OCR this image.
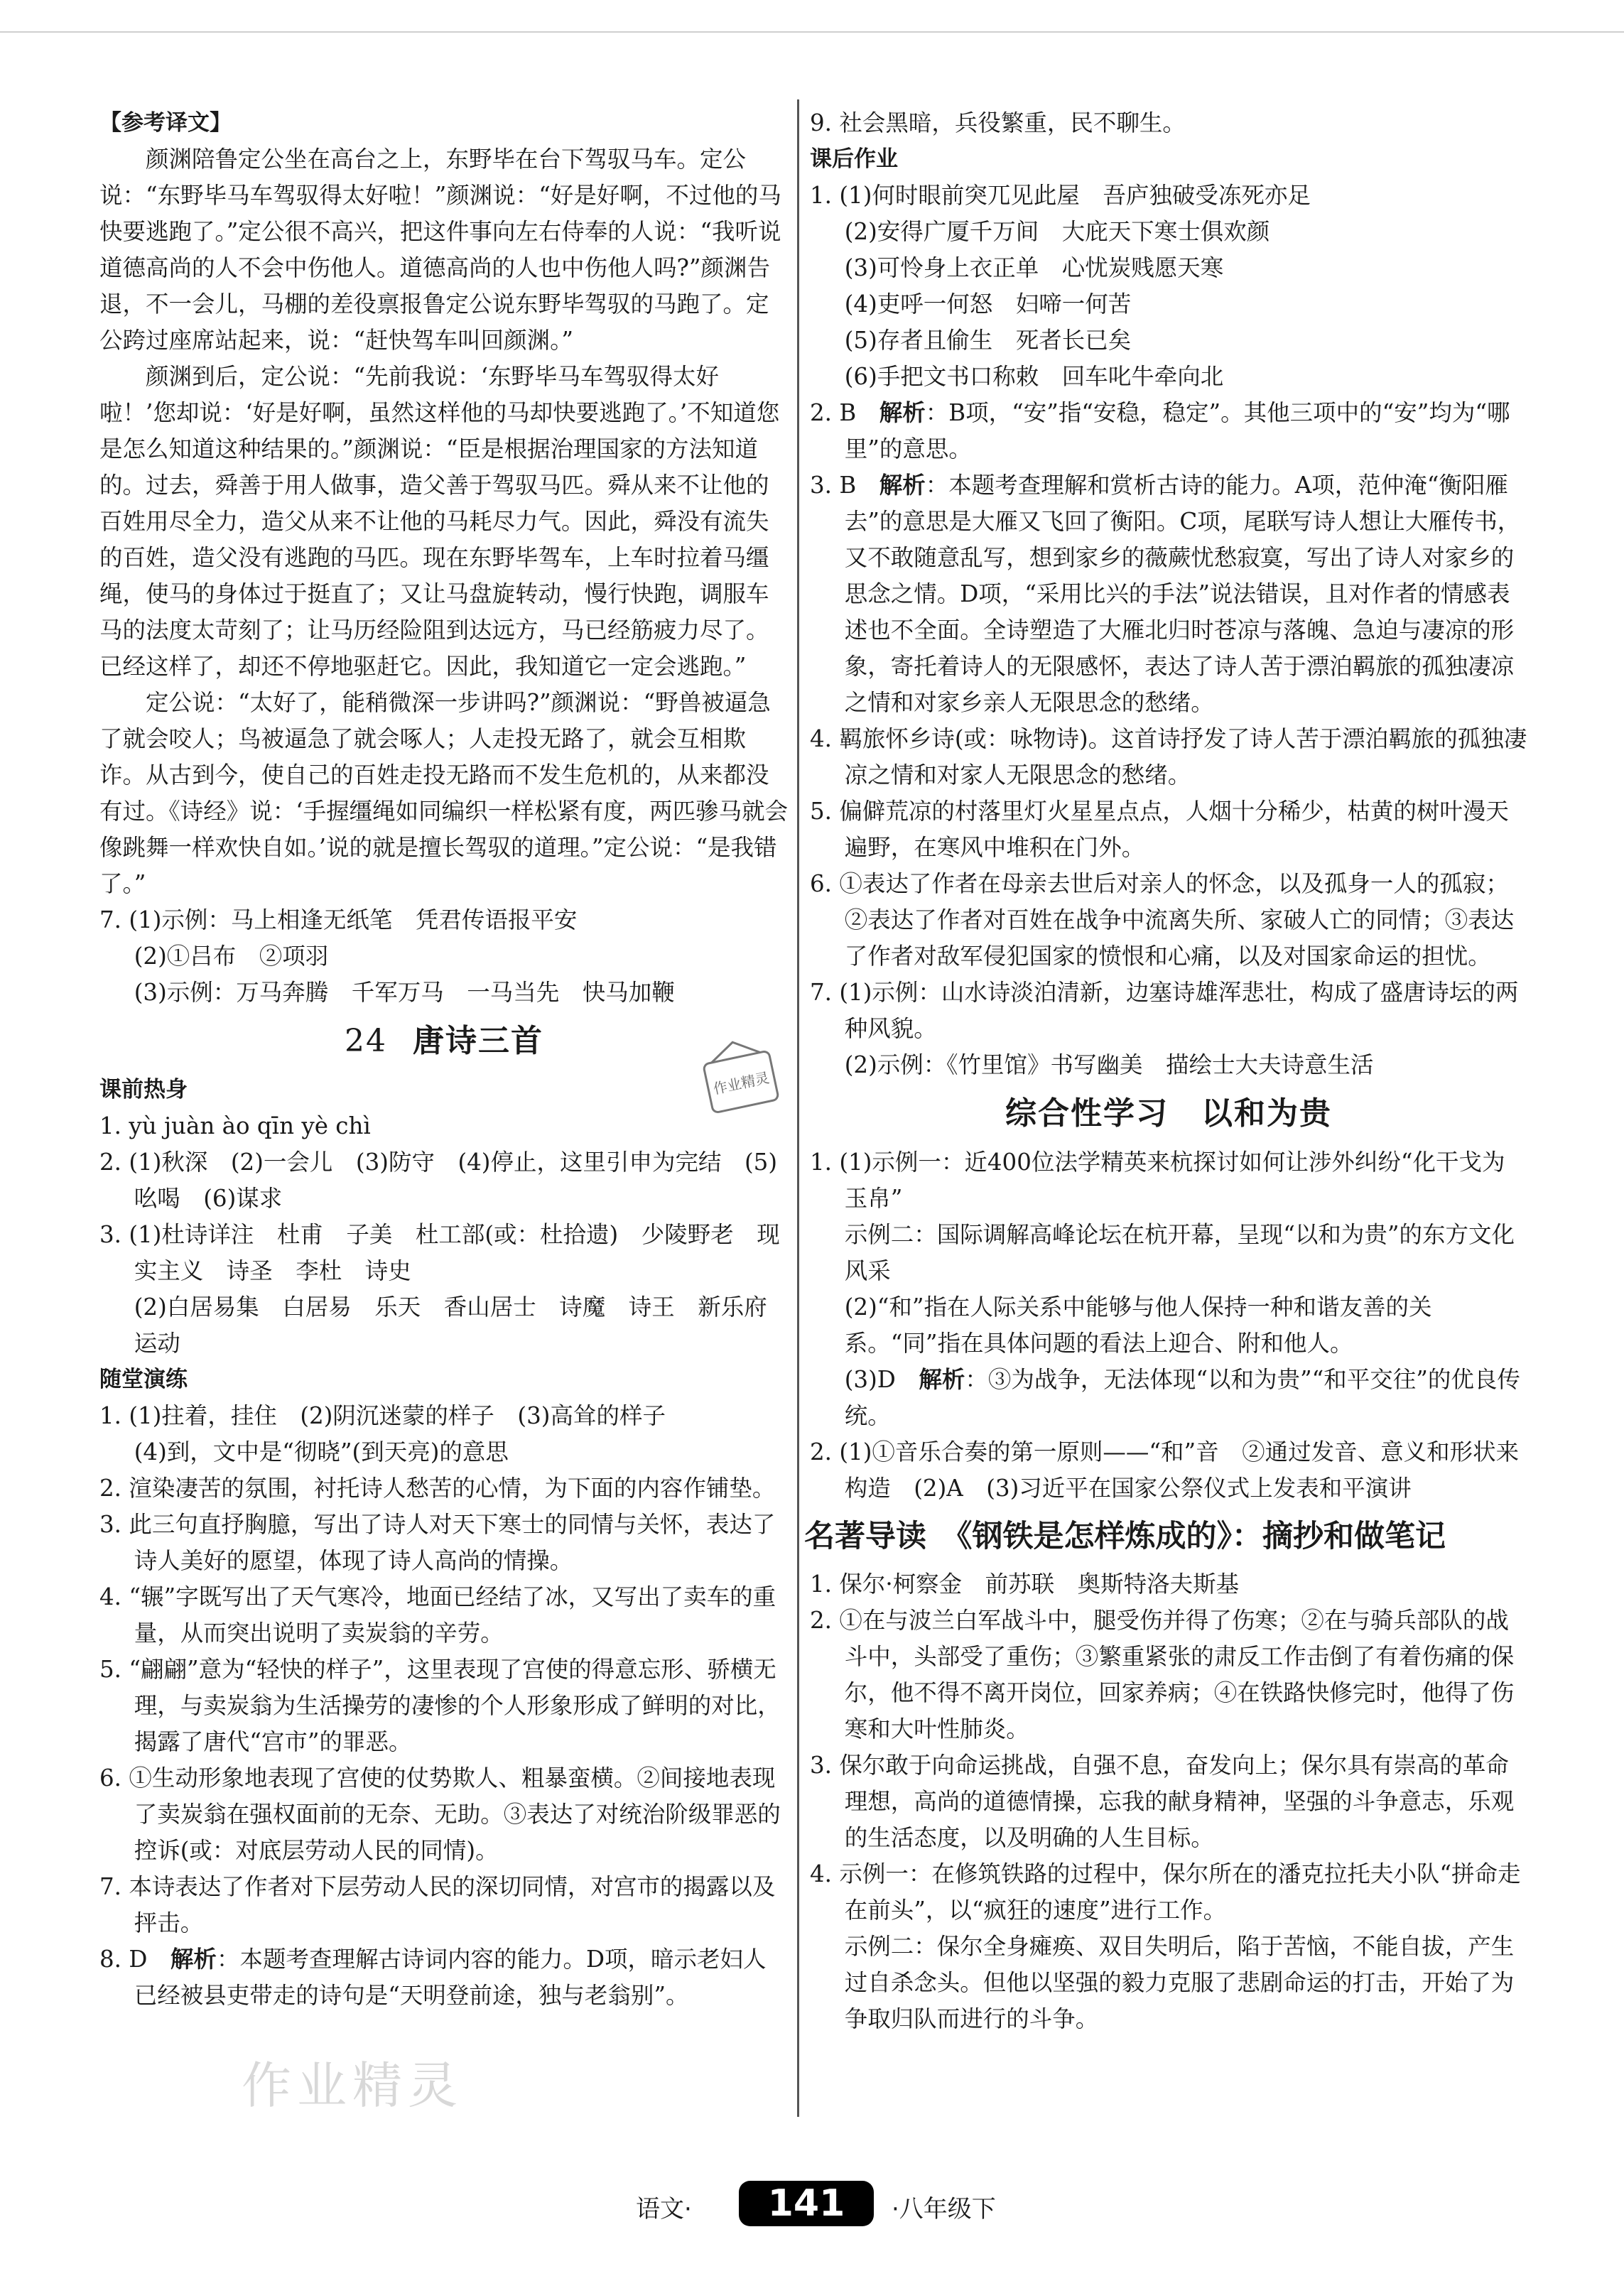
【参考译文】

颜渊陪鲁定公坐在高台之上，东野毕在台下驾驭马车。定公说：“东野毕马车驾驭得太好啦！”颜渊说：“好是好啊，不过他的马快要逃跑了。”定公很不高兴，把这件事向左右侍奉的人说：“我听说道德高尚的人不会中伤他人。道德高尚的人也中伤他人吗?”颜渊告退，不一会儿，马棚的差役禀报鲁定公说东野毕驾驭的马跑了。定公跨过座席站起来，说：“赶快驾车叫回颜渊。”

颜渊到后，定公说：“先前我说：‘东野毕马车驾驭得太好啦！’您却说：‘好是好啊，虽然这样他的马却快要逃跑了。’不知道您是怎么知道这种结果的。”颜渊说：“臣是根据治理国家的方法知道的。过去，舜善于用人做事，造父善于驾驭马匹。舜从来不让他的百姓用尽全力，造父从来不让他的马耗尽力气。因此，舜没有流失的百姓，造父没有逃跑的马匹。现在东野毕驾车，上车时拉着马缰绳，使马的身体过于挺直了；又让马盘旋转动，慢行快跑，调服车马的法度太苛刻了；让马历经险阻到达远方，马已经筋疲力尽了。已经这样了，却还不停地驱赶它。因此，我知道它一定会逃跑。”

定公说：“太好了，能稍微深一步讲吗?”颜渊说：“野兽被逼急了就会咬人；鸟被逼急了就会啄人；人走投无路了，就会互相欺诈。从古到今，使自己的百姓走投无路而不发生危机的，从来都没有过。《诗经》说：‘手握缰绳如同编织一样松紧有度，两匹骖马就会像跳舞一样欢快自如。’说的就是擅长驾驭的道理。”定公说：“是我错了。”

7. (1)示例：马上相逢无纸笔　凭君传语报平安

(2)①吕布　②项羽

(3)示例：万马奔腾　千军万马　一马当先　快马加鞭

24 唐诗三首

课前热身

1. yù juàn ào qīn yè chì

2. (1)秋深　(2)一会儿　(3)防守　(4)停止，这里引申为完结　(5)吆喝　(6)谋求

3. (1)杜诗详注　杜甫　子美　杜工部(或：杜拾遗)　少陵野老　现实主义　诗圣　李杜　诗史

(2)白居易集　白居易　乐天　香山居士　诗魔　诗王　新乐府运动

随堂演练

1. (1)拄着，挂住　(2)阴沉迷蒙的样子　(3)高耸的样子

(4)到，文中是“彻晓”(到天亮)的意思

2. 渲染凄苦的氛围，衬托诗人愁苦的心情，为下面的内容作铺垫。

3. 此三句直抒胸臆，写出了诗人对天下寒士的同情与关怀，表达了诗人美好的愿望，体现了诗人高尚的情操。

4. “辗”字既写出了天气寒冷，地面已经结了冰，又写出了卖车的重量，从而突出说明了卖炭翁的辛劳。

5. “翩翩”意为“轻快的样子”，这里表现了宫使的得意忘形、骄横无理，与卖炭翁为生活操劳的凄惨的个人形象形成了鲜明的对比，揭露了唐代“宫市”的罪恶。

6. ①生动形象地表现了宫使的仗势欺人、粗暴蛮横。②间接地表现了卖炭翁在强权面前的无奈、无助。③表达了对统治阶级罪恶的控诉(或：对底层劳动人民的同情)。

7. 本诗表达了作者对下层劳动人民的深切同情，对宫市的揭露以及抨击。

8. D　 解析：本题考查理解古诗词内容的能力。D项，暗示老妇人已经被县吏带走的诗句是“天明登前途，独与老翁别”。

9. 社会黑暗，兵役繁重，民不聊生。

课后作业

1. (1)何时眼前突兀见此屋　吾庐独破受冻死亦足

(2)安得广厦千万间　大庇天下寒士俱欢颜

(3)可怜身上衣正单　心忧炭贱愿天寒

(4)吏呼一何怒　妇啼一何苦

(5)存者且偷生　死者长已矣

(6)手把文书口称敕　回车叱牛牵向北

2. B　 解析：B项，“安”指“安稳，稳定”。其他三项中的“安”均为“哪里”的意思。

3. B　 解析：本题考查理解和赏析古诗的能力。A项，范仲淹“衡阳雁去”的意思是大雁又飞回了衡阳。C项，尾联写诗人想让大雁传书，又不敢随意乱写，想到家乡的薇蕨忧愁寂寞，写出了诗人对家乡的思念之情。D项，“采用比兴的手法”说法错误，且对作者的情感表述也不全面。全诗塑造了大雁北归时苍凉与落魄、急迫与凄凉的形象，寄托着诗人的无限感怀，表达了诗人苦于漂泊羁旅的孤独凄凉之情和对家乡亲人无限思念的愁绪。

4. 羁旅怀乡诗(或：咏物诗)。这首诗抒发了诗人苦于漂泊羁旅的孤独凄凉之情和对家人无限思念的愁绪。

5. 偏僻荒凉的村落里灯火星星点点，人烟十分稀少，枯黄的树叶漫天遍野，在寒风中堆积在门外。

6. ①表达了作者在母亲去世后对亲人的怀念，以及孤身一人的孤寂；②表达了作者对百姓在战争中流离失所、家破人亡的同情；③表达了作者对敌军侵犯国家的愤恨和心痛，以及对国家命运的担忧。

7. (1)示例：山水诗淡泊清新，边塞诗雄浑悲壮，构成了盛唐诗坛的两种风貌。

(2)示例：《竹里馆》书写幽美　描绘士大夫诗意生活

综合性学习　以和为贵

1. (1)示例一：近400位法学精英来杭探讨如何让涉外纠纷“化干戈为玉帛”

示例二：国际调解高峰论坛在杭开幕，呈现“以和为贵”的东方文化风采

(2)“和”指在人际关系中能够与他人保持一种和谐友善的关系。“同”指在具体问题的看法上迎合、附和他人。

(3)D　 解析：③为战争，无法体现“以和为贵”“和平交往”的优良传统。

2. (1)①音乐合奏的第一原则——“和”音　②通过发音、意义和形状来构造　(2)A　(3)习近平在国家公祭仪式上发表和平演讲

名著导读　《钢铁是怎样炼成的》：摘抄和做笔记

1. 保尔·柯察金　前苏联　奥斯特洛夫斯基

2. ①在与波兰白军战斗中，腿受伤并得了伤寒；②在与骑兵部队的战斗中，头部受了重伤；③繁重紧张的肃反工作击倒了有着伤痛的保尔，他不得不离开岗位，回家养病；④在铁路快修完时，他得了伤寒和大叶性肺炎。

3. 保尔敢于向命运挑战，自强不息，奋发向上；保尔具有崇高的革命理想，高尚的道德情操，忘我的献身精神，坚强的斗争意志，乐观的生活态度，以及明确的人生目标。

4. 示例一：在修筑铁路的过程中，保尔所在的潘克拉托夫小队“拼命走在前头”，以“疯狂的速度”进行工作。

示例二：保尔全身瘫痪、双目失明后，陷于苦恼，不能自拔，产生过自杀念头。但他以坚强的毅力克服了悲剧命运的打击，开始了为争取归队而进行的斗争。

作业精灵
作业精灵
语文·	141	·八年级下
